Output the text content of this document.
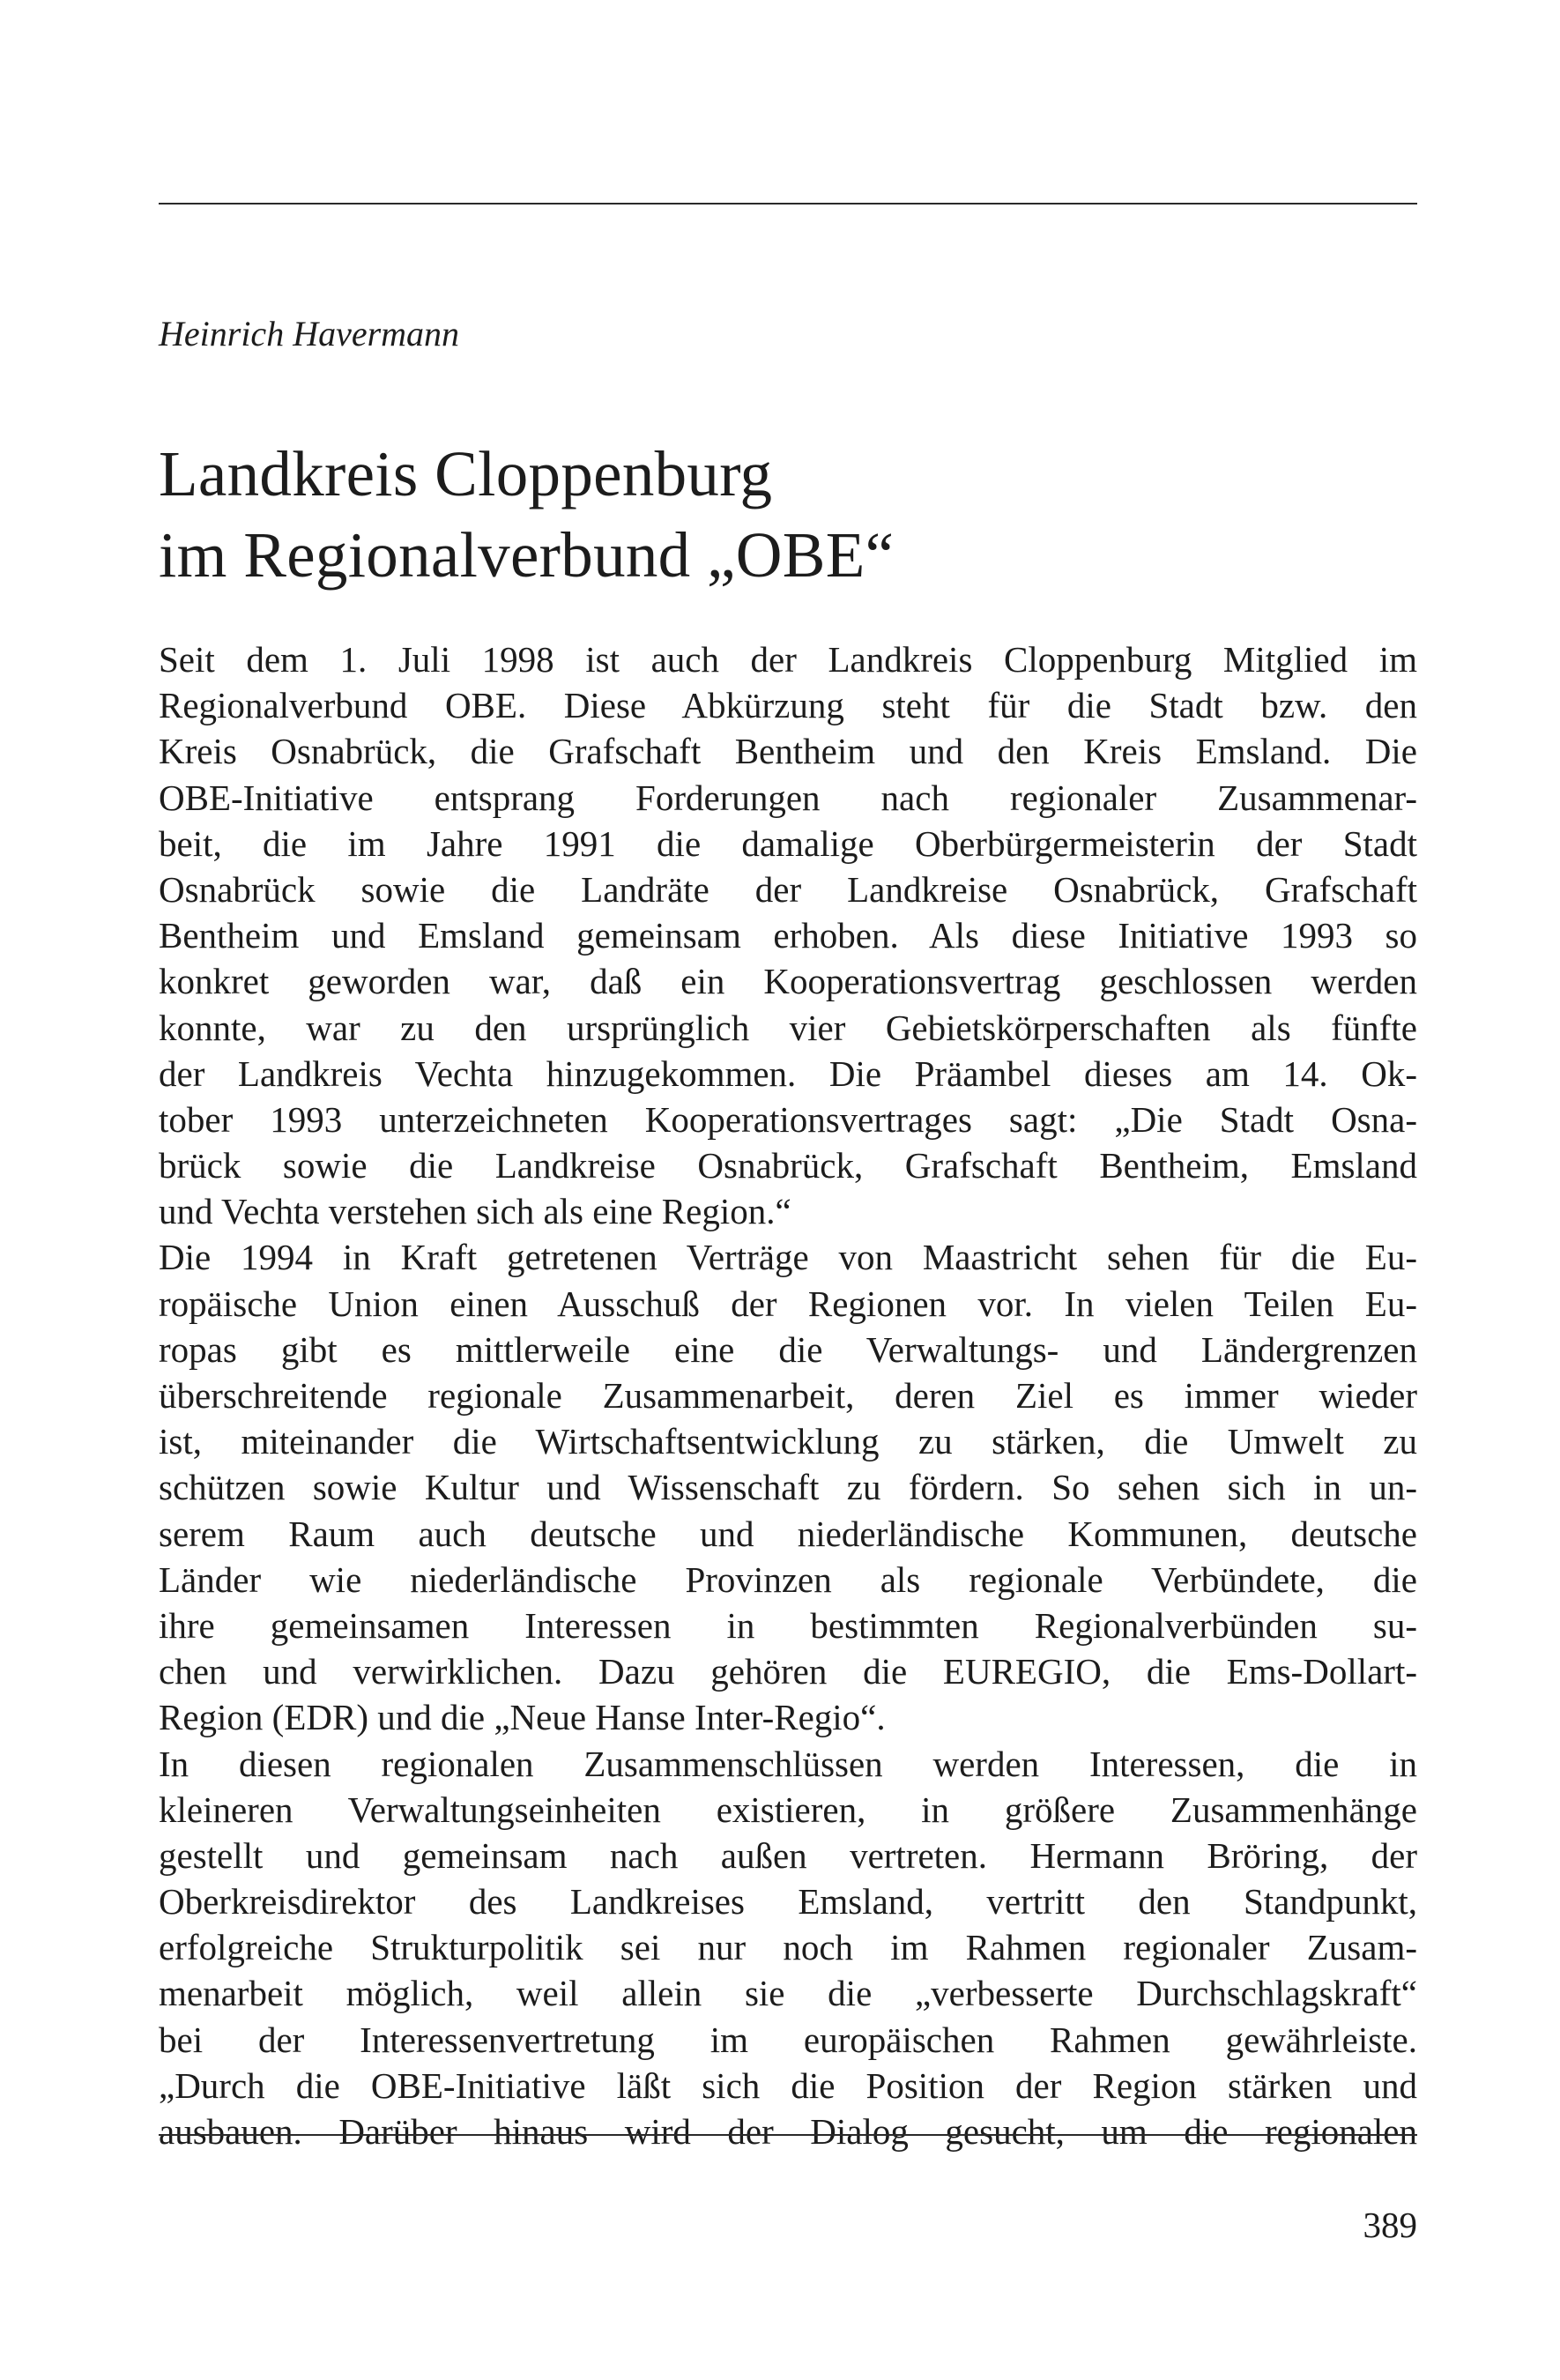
Heinrich Havermann
Landkreis Cloppenburg
im Regionalverbund „OBE“
Seit dem 1. Juli 1998 ist auch der Landkreis Cloppenburg Mitglied im
Regionalverbund OBE. Diese Abkürzung steht für die Stadt bzw. den
Kreis Osnabrück, die Grafschaft Bentheim und den Kreis Emsland. Die
OBE-Initiative entsprang Forderungen nach regionaler Zusammenar-
beit, die im Jahre 1991 die damalige Oberbürgermeisterin der Stadt
Osnabrück sowie die Landräte der Landkreise Osnabrück, Grafschaft
Bentheim und Emsland gemeinsam erhoben. Als diese Initiative 1993 so
konkret geworden war, daß ein Kooperationsvertrag geschlossen werden
konnte, war zu den ursprünglich vier Gebietskörperschaften als fünfte
der Landkreis Vechta hinzugekommen. Die Präambel dieses am 14. Ok-
tober 1993 unterzeichneten Kooperationsvertrages sagt: „Die Stadt Osna-
brück sowie die Landkreise Osnabrück, Grafschaft Bentheim, Emsland
und Vechta verstehen sich als eine Region.“
Die 1994 in Kraft getretenen Verträge von Maastricht sehen für die Eu-
ropäische Union einen Ausschuß der Regionen vor. In vielen Teilen Eu-
ropas gibt es mittlerweile eine die Verwaltungs- und Ländergrenzen
überschreitende regionale Zusammenarbeit, deren Ziel es immer wieder
ist, miteinander die Wirtschaftsentwicklung zu stärken, die Umwelt zu
schützen sowie Kultur und Wissenschaft zu fördern. So sehen sich in un-
serem Raum auch deutsche und niederländische Kommunen, deutsche
Länder wie niederländische Provinzen als regionale Verbündete, die
ihre gemeinsamen Interessen in bestimmten Regionalverbünden su-
chen und verwirklichen. Dazu gehören die EUREGIO, die Ems-Dollart-
Region (EDR) und die „Neue Hanse Inter-Regio“.
In diesen regionalen Zusammenschlüssen werden Interessen, die in
kleineren Verwaltungseinheiten existieren, in größere Zusammenhänge
gestellt und gemeinsam nach außen vertreten. Hermann Bröring, der
Oberkreisdirektor des Landkreises Emsland, vertritt den Standpunkt,
erfolgreiche Strukturpolitik sei nur noch im Rahmen regionaler Zusam-
menarbeit möglich, weil allein sie die „verbesserte Durchschlagskraft“
bei der Interessenvertretung im europäischen Rahmen gewährleiste.
„Durch die OBE-Initiative läßt sich die Position der Region stärken und
ausbauen. Darüber hinaus wird der Dialog gesucht, um die regionalen
389
